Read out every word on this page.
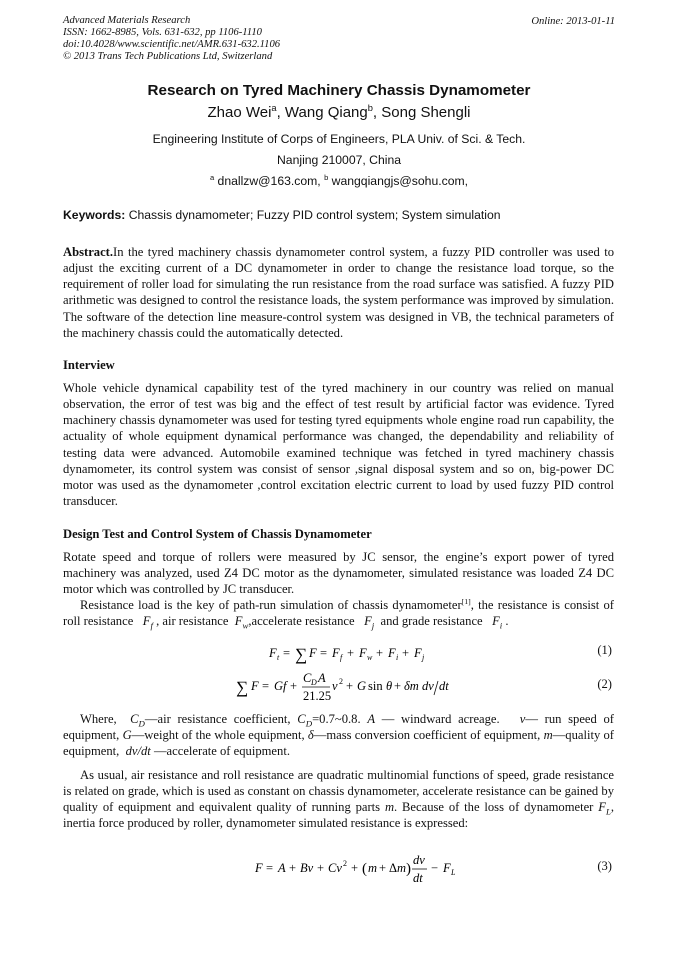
Advanced Materials Research
ISSN: 1662-8985, Vols. 631-632, pp 1106-1110
doi:10.4028/www.scientific.net/AMR.631-632.1106
© 2013 Trans Tech Publications Ltd, Switzerland
Online: 2013-01-11
Research on Tyred Machinery Chassis Dynamometer
Zhao Wei$^a$, Wang Qiang$^b$, Song Shengli
Engineering Institute of Corps of Engineers, PLA Univ. of Sci. & Tech.
Nanjing 210007, China
$^a$ dnallzw@163.com, $^b$ wangqiangjs@sohu.com,
Keywords: Chassis dynamometer; Fuzzy PID control system; System simulation
Abstract.In the tyred machinery chassis dynamometer control system, a fuzzy PID controller was used to adjust the exciting current of a DC dynamometer in order to change the resistance load torque, so the requirement of roller load for simulating the run resistance from the road surface was satisfied. A fuzzy PID arithmetic was designed to control the resistance loads, the system performance was improved by simulation. The software of the detection line measure-control system was designed in VB, the technical parameters of the machinery chassis could the automatically detected.
Interview
Whole vehicle dynamical capability test of the tyred machinery in our country was relied on manual observation, the error of test was big and the effect of test result by artificial factor was evidence. Tyred machinery chassis dynamometer was used for testing tyred equipments whole engine road run capability, the actuality of whole equipment dynamical performance was changed, the dependability and reliability of testing data were advanced. Automobile examined technique was fetched in tyred machinery chassis dynamometer, its control system was consist of sensor ,signal disposal system and so on, big-power DC motor was used as the dynamometer ,control excitation electric current to load by used fuzzy PID control transducer.
Design Test and Control System of Chassis Dynamometer
Rotate speed and torque of rollers were measured by JC sensor, the engine’s export power of tyred machinery was analyzed, used Z4 DC motor as the dynamometer, simulated resistance was loaded Z4 DC motor which was controlled by JC transducer.
Resistance load is the key of path-run simulation of chassis dynamometer[1], the resistance is consist of roll resistance $F_f$ , air resistance $F_w,accelerate$ resistance $F_j$ and grade resistance $F_i$ .
F t = ∑ F = F f + F w + F i + F j
(1)
∑ F = Gf +
C D A
21.25
v 2 + G sin θ + δm dv dt	(2)
Where, $C_D—air$ resistance coefficient, $C_D=0.7\sim 0.8$. A — windward acreage. v— run speed of equipment, G—weight of the whole equipment, δ—mass conversion coefficient of equipment, m—quality of equipment, dv/dt —accelerate of equipment.
As usual, air resistance and roll resistance are quadratic multinomial functions of speed, grade resistance is related on grade, which is used as constant on chassis dynamometer, accelerate resistance can be gained by quality of equipment and equivalent quality of running parts m. Because of the loss of dynamometer $F_L$, inertia force produced by roller, dynamometer simulated resistance is expressed:
F = A + Bv + Cv 2 + ( m + Δ m )
dv
dt
− F L	(3)
